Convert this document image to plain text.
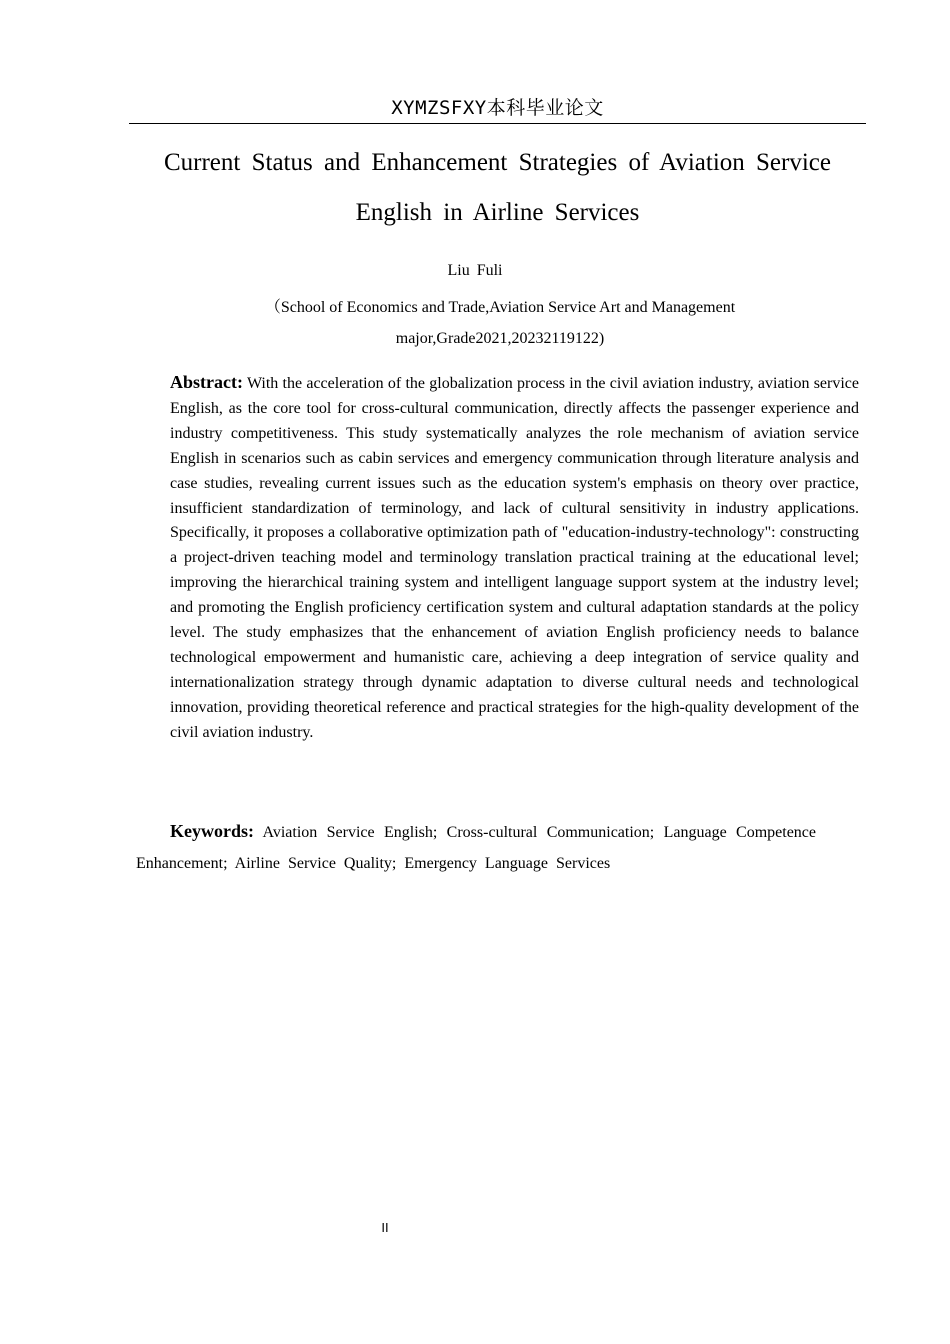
XYMZSFXY本科毕业论文
Current Status and Enhancement Strategies of Aviation Service
English in Airline Services
Liu Fuli
（School of Economics and Trade,Aviation Service Art and Management
major,Grade2021,20232119122)

Abstract: With the acceleration of the globalization process in the civil aviation industry, aviation service English, as the core tool for cross-cultural communication, directly affects the passenger experience and industry competitiveness. This study systematically analyzes the role mechanism of aviation service English in scenarios such as cabin services and emergency communication through literature analysis and case studies, revealing current issues such as the education system's emphasis on theory over practice, insufficient standardization of terminology, and lack of cultural sensitivity in industry applications. Specifically, it proposes a collaborative optimization path of "education-industry-technology": constructing a project-driven teaching model and terminology translation practical training at the educational level; improving the hierarchical training system and intelligent language support system at the industry level; and promoting the English proficiency certification system and cultural adaptation standards at the policy level. The study emphasizes that the enhancement of aviation English proficiency needs to balance technological empowerment and humanistic care, achieving a deep integration of service quality and internationalization strategy through dynamic adaptation to diverse cultural needs and technological innovation, providing theoretical reference and practical strategies for the high-quality development of the civil aviation industry.

Keywords: Aviation Service English; Cross-cultural Communication; Language Competence Enhancement; Airline Service Quality; Emergency Language Services

II
